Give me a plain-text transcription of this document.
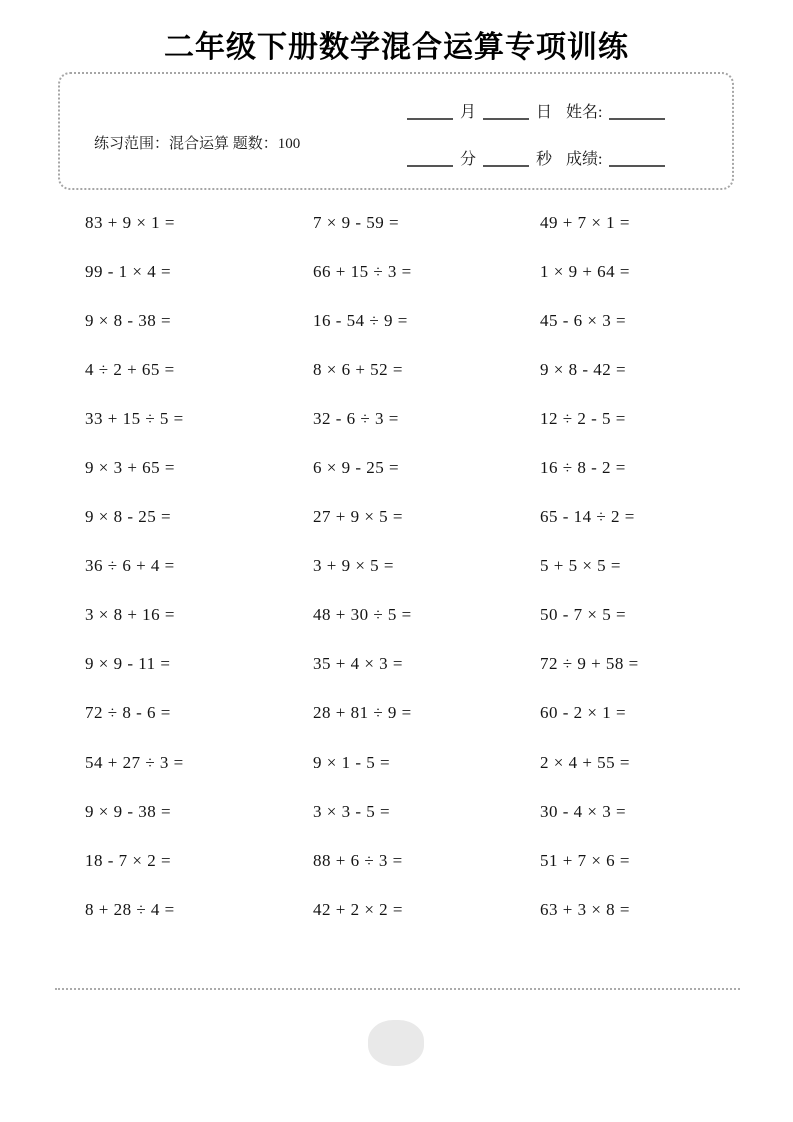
二年级下册数学混合运算专项训练
练习范围：混合运算 题数：100
月	日 姓名:
分	秒 成绩:
83 + 9 × 1 =	7 × 9 - 59 =	49 + 7 × 1 =
99 - 1 × 4 =	66 + 15 ÷ 3 =	1 × 9 + 64 =
9 × 8 - 38 =	16 - 54 ÷ 9 =	45 - 6 × 3 =
4 ÷ 2 + 65 =	8 × 6 + 52 =	9 × 8 - 42 =
33 + 15 ÷ 5 =	32 - 6 ÷ 3 =	12 ÷ 2 - 5 =
9 × 3 + 65 =	6 × 9 - 25 =	16 ÷ 8 - 2 =
9 × 8 - 25 =	27 + 9 × 5 =	65 - 14 ÷ 2 =
36 ÷ 6 + 4 =	3 + 9 × 5 =	5 + 5 × 5 =
3 × 8 + 16 =	48 + 30 ÷ 5 =	50 - 7 × 5 =
9 × 9 - 11 =	35 + 4 × 3 =	72 ÷ 9 + 58 =
72 ÷ 8 - 6 =	28 + 81 ÷ 9 =	60 - 2 × 1 =
54 + 27 ÷ 3 =	9 × 1 - 5 =	2 × 4 + 55 =
9 × 9 - 38 =	3 × 3 - 5 =	30 - 4 × 3 =
18 - 7 × 2 =	88 + 6 ÷ 3 =	51 + 7 × 6 =
8 + 28 ÷ 4 =	42 + 2 × 2 =	63 + 3 × 8 =
